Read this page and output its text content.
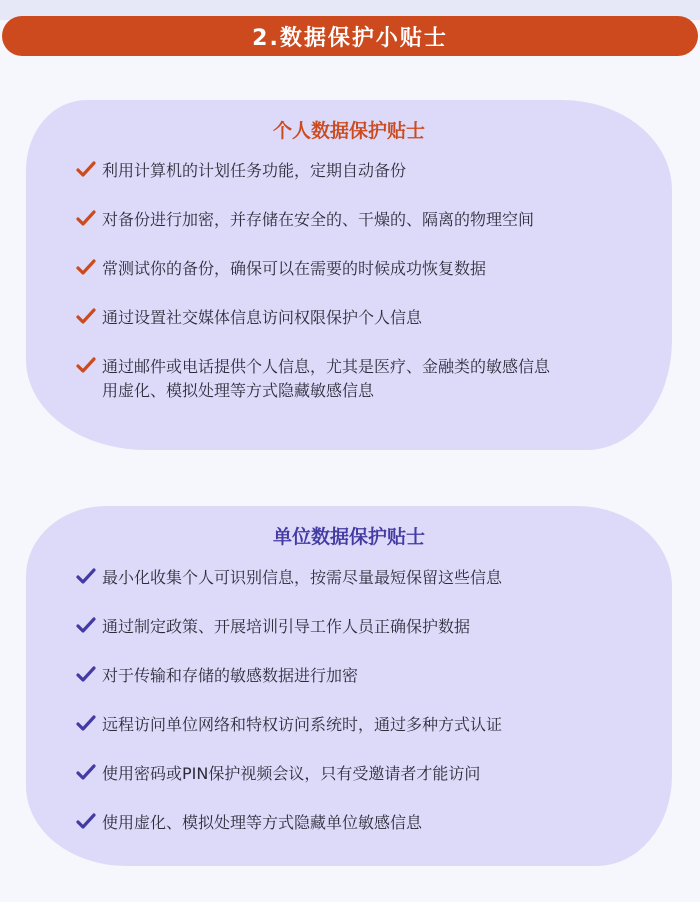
2.数据保护小贴士
个人数据保护贴士
利用计算机的计划任务功能，定期自动备份
对备份进行加密，并存储在安全的、干燥的、隔离的物理空间
常测试你的备份，确保可以在需要的时候成功恢复数据
通过设置社交媒体信息访问权限保护个人信息
通过邮件或电话提供个人信息，尤其是医疗、金融类的敏感信息
用虚化、模拟处理等方式隐藏敏感信息
单位数据保护贴士
最小化收集个人可识别信息，按需尽量最短保留这些信息
通过制定政策、开展培训引导工作人员正确保护数据
对于传输和存储的敏感数据进行加密
远程访问单位网络和特权访问系统时，通过多种方式认证
使用密码或PIN保护视频会议，只有受邀请者才能访问
使用虚化、模拟处理等方式隐藏单位敏感信息
